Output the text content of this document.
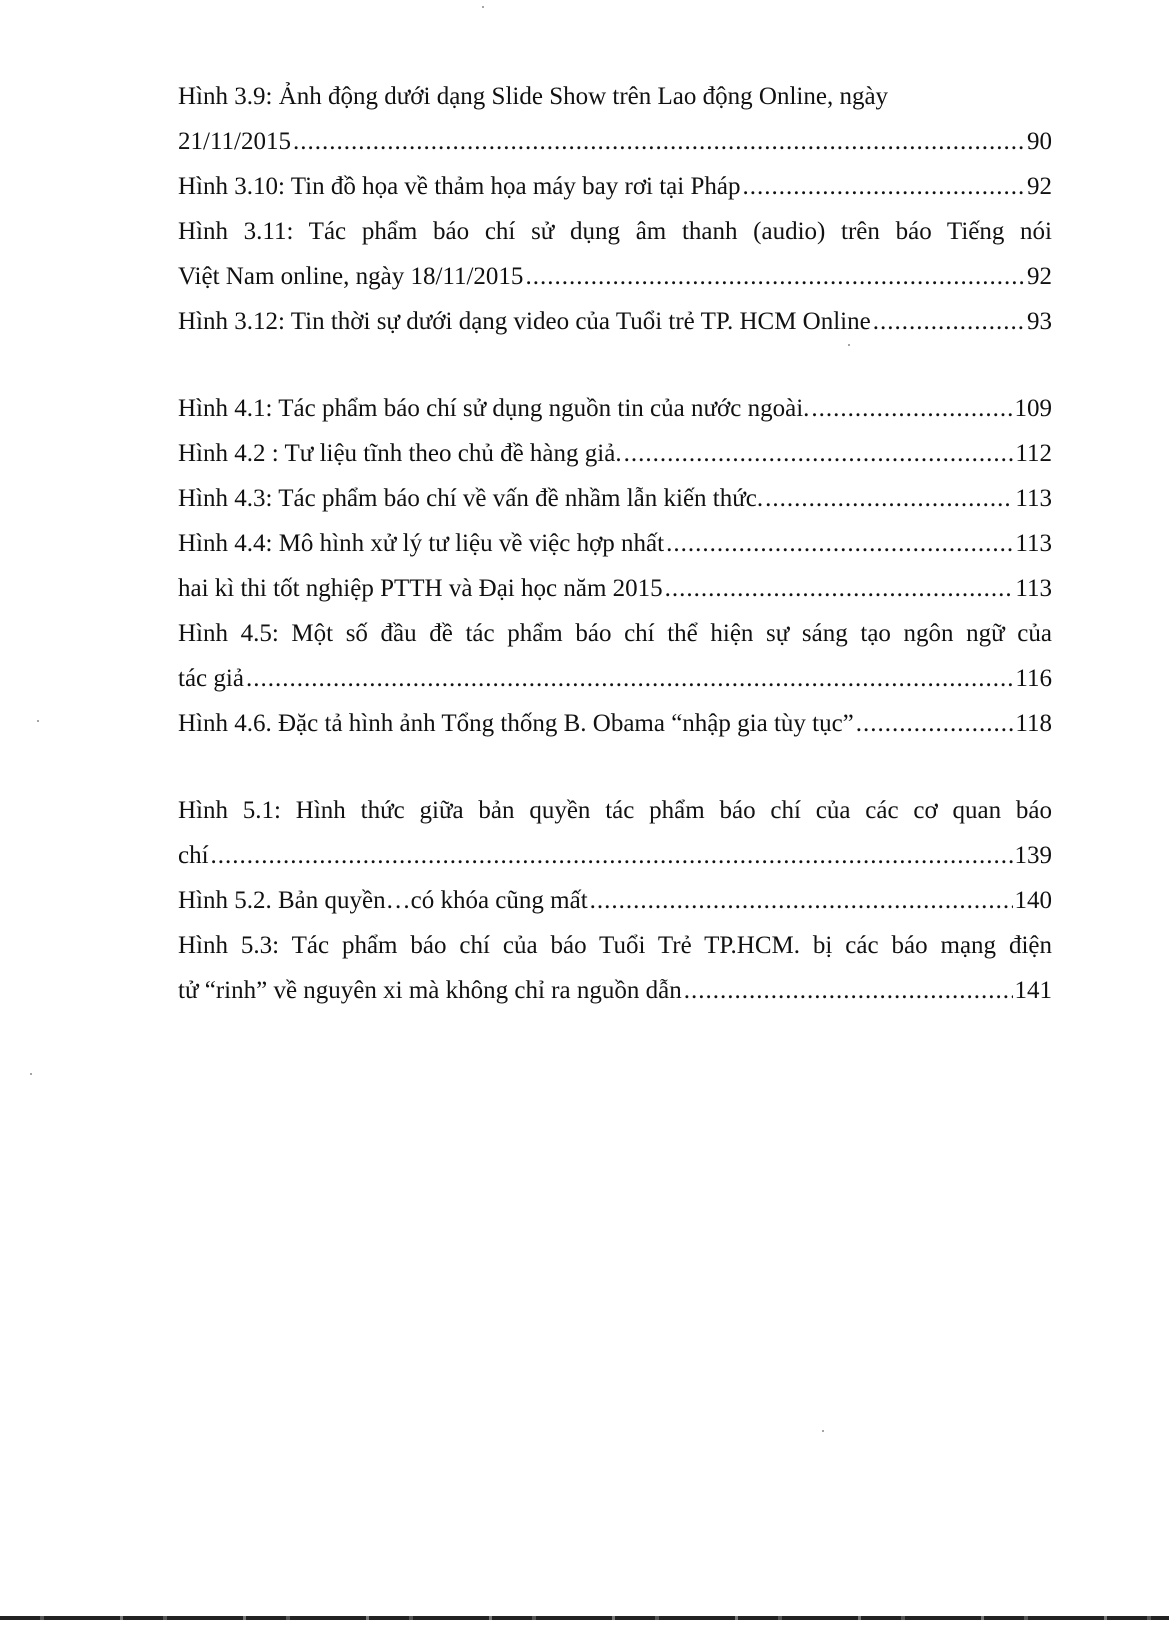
Hình 3.9: Ảnh động dưới dạng Slide Show trên Lao động Online, ngày
21/11/2015 .....	90
Hình 3.10: Tin đồ họa về thảm họa máy bay rơi tại Pháp .....	92
Hình 3.11: Tác phẩm báo chí sử dụng âm thanh (audio) trên báo Tiếng nói
Việt Nam online, ngày 18/11/2015 .....	92
Hình 3.12: Tin thời sự dưới dạng video của Tuổi trẻ TP. HCM Online .....	93
Hình 4.1: Tác phẩm báo chí sử dụng nguồn tin của nước ngoài. .....	109
Hình 4.2 : Tư liệu tĩnh theo chủ đề hàng giả. .....	112
Hình 4.3: Tác phẩm báo chí về vấn đề nhầm lẫn kiến thức. .....	113
Hình 4.4: Mô hình xử lý tư liệu về việc hợp nhất .....	113
hai kì thi tốt nghiệp PTTH và Đại học năm 2015 .....	113
Hình 4.5: Một số đầu đề tác phẩm báo chí thể hiện sự sáng tạo ngôn ngữ của
tác giả .....	116
Hình 4.6. Đặc tả hình ảnh Tổng thống B. Obama “nhập gia tùy tục” .....	118
Hình 5.1: Hình thức giữa bản quyền tác phẩm báo chí của các cơ quan báo
chí .....	139
Hình 5.2. Bản quyền…có khóa cũng mất .....	140
Hình 5.3: Tác phẩm báo chí của báo Tuổi Trẻ TP.HCM. bị các báo mạng điện
tử “rinh” về nguyên xi mà không chỉ ra nguồn dẫn .....	141
